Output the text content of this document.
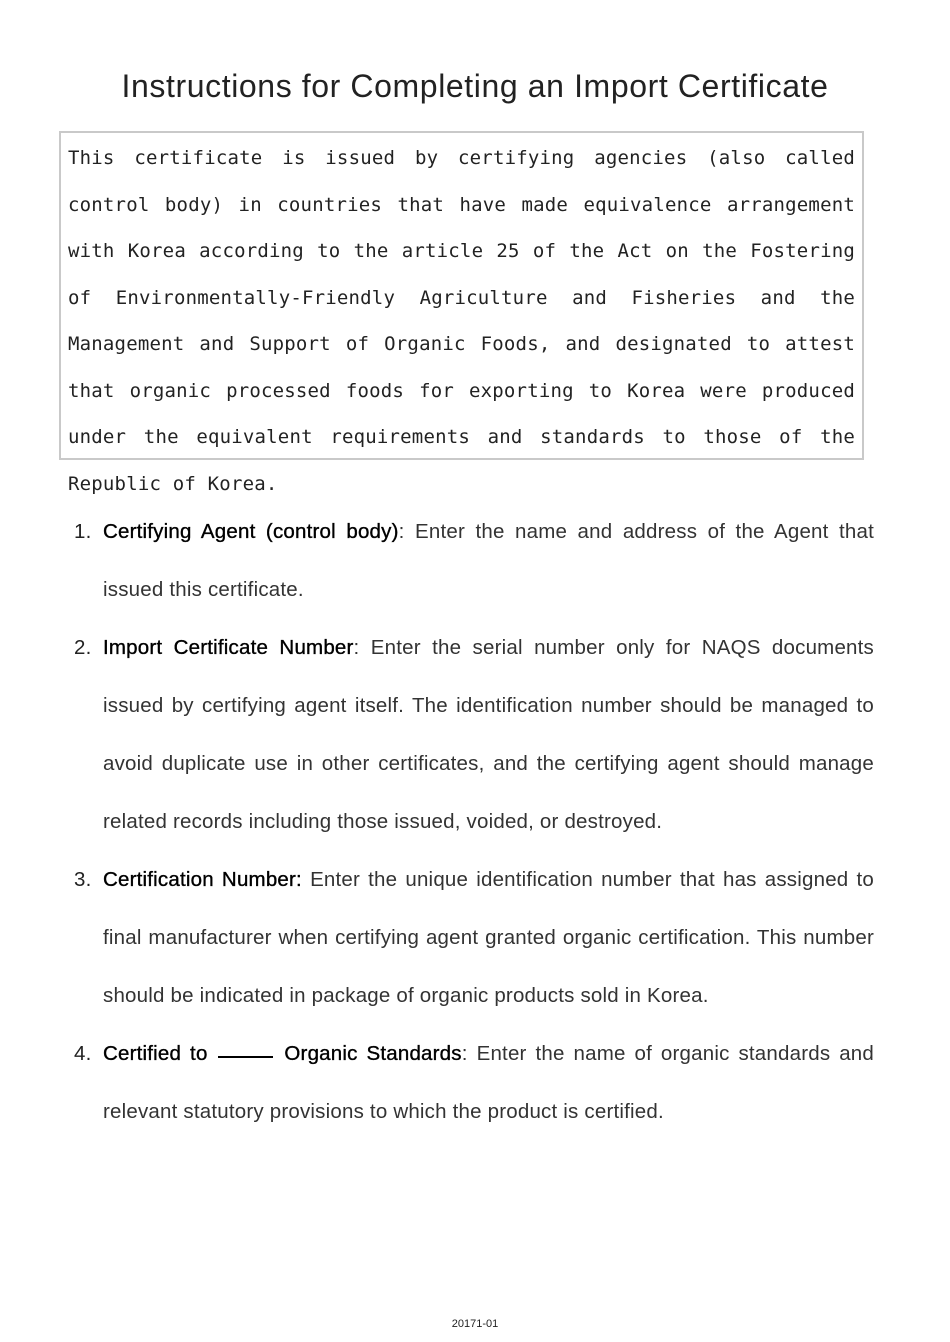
Instructions for Completing an Import Certificate

This certificate is issued by certifying agencies (also called control body) in countries that have made equivalence arrangement with Korea according to the article 25 of the Act on the Fostering of Environmentally-Friendly Agriculture and Fisheries and the Management and Support of Organic Foods, and designated to attest that organic processed foods for exporting to Korea were produced under the equivalent requirements and standards to those of the Republic of Korea.

1. Certifying Agent (control body): Enter the name and address of the Agent that issued this certificate.
2. Import Certificate Number: Enter the serial number only for NAQS documents issued by certifying agent itself. The identification number should be managed to avoid duplicate use in other certificates, and the certifying agent should manage related records including those issued, voided, or destroyed.
3. Certification Number: Enter the unique identification number that has assigned to final manufacturer when certifying agent granted organic certification. This number should be indicated in package of organic products sold in Korea.
4. Certified to	Organic Standards: Enter the name of organic standards and relevant statutory provisions to which the product is certified.
20171-01
